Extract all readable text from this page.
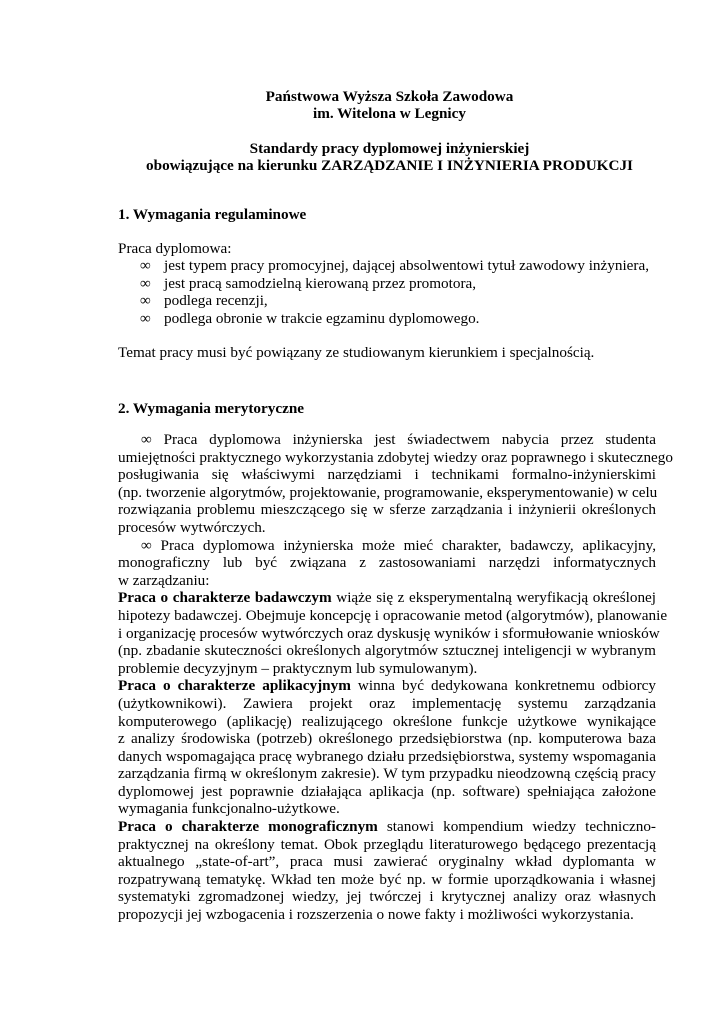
Państwowa Wyższa Szkoła Zawodowa
im. Witelona w Legnicy
Standardy pracy dyplomowej inżynierskiej
obowiązujące na kierunku ZARZĄDZANIE I INŻYNIERIA PRODUKCJI
1. Wymagania regulaminowe
Praca dyplomowa:
∞ jest typem pracy promocyjnej, dającej absolwentowi tytuł zawodowy inżyniera,
∞ jest pracą samodzielną kierowaną przez promotora,
∞ podlega recenzji,
∞ podlega obronie w trakcie egzaminu dyplomowego.
Temat pracy musi być powiązany ze studiowanym kierunkiem i specjalnością.
2. Wymagania merytoryczne
∞ Praca dyplomowa inżynierska jest świadectwem nabycia przez studenta
umiejętności praktycznego wykorzystania zdobytej wiedzy oraz poprawnego i skutecznego
posługiwania się właściwymi narzędziami i technikami formalno-inżynierskimi
(np. tworzenie algorytmów, projektowanie, programowanie, eksperymentowanie) w celu
rozwiązania problemu mieszczącego się w sferze zarządzania i inżynierii określonych
procesów wytwórczych.
∞ Praca dyplomowa inżynierska może mieć charakter, badawczy, aplikacyjny,
monograficzny lub być związana z zastosowaniami narzędzi informatycznych
w zarządzaniu:
Praca o charakterze badawczym wiąże się z eksperymentalną weryfikacją określonej
hipotezy badawczej. Obejmuje koncepcję i opracowanie metod (algorytmów), planowanie
i organizację procesów wytwórczych oraz dyskusję wyników i sformułowanie wniosków
(np. zbadanie skuteczności określonych algorytmów sztucznej inteligencji w wybranym
problemie decyzyjnym – praktycznym lub symulowanym).
Praca o charakterze aplikacyjnym winna być dedykowana konkretnemu odbiorcy
(użytkownikowi). Zawiera projekt oraz implementację systemu zarządzania
komputerowego (aplikację) realizującego określone funkcje użytkowe wynikające
z analizy środowiska (potrzeb) określonego przedsiębiorstwa (np. komputerowa baza
danych wspomagająca pracę wybranego działu przedsiębiorstwa, systemy wspomagania
zarządzania firmą w określonym zakresie). W tym przypadku nieodzowną częścią pracy
dyplomowej jest poprawnie działająca aplikacja (np. software) spełniająca założone
wymagania funkcjonalno-użytkowe.
Praca o charakterze monograficznym stanowi kompendium wiedzy techniczno-
praktycznej na określony temat. Obok przeglądu literaturowego będącego prezentacją
aktualnego „state-of-art”, praca musi zawierać oryginalny wkład dyplomanta w
rozpatrywaną tematykę. Wkład ten może być np. w formie uporządkowania i własnej
systematyki zgromadzonej wiedzy, jej twórczej i krytycznej analizy oraz własnych
propozycji jej wzbogacenia i rozszerzenia o nowe fakty i możliwości wykorzystania.
